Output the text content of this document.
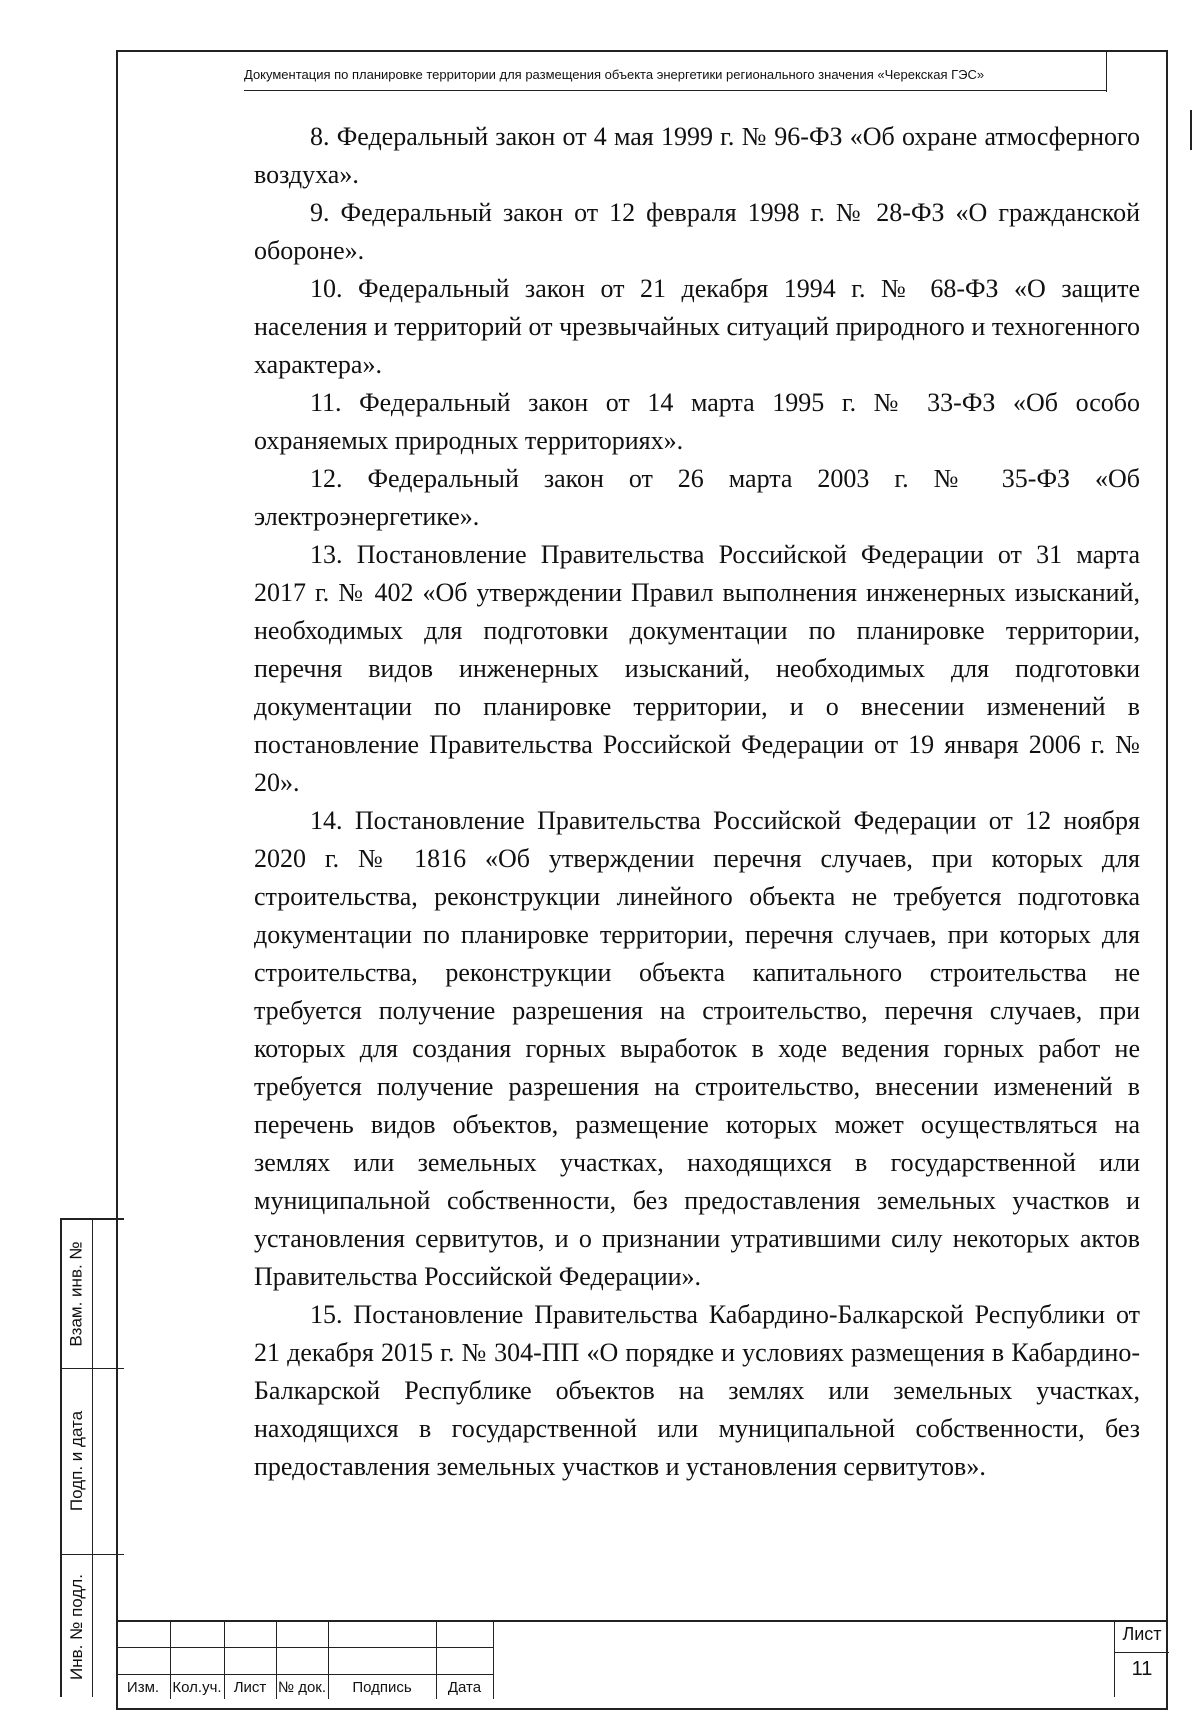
Документация по планировке территории для размещения объекта энергетики регионального значения «Черекская ГЭС»

8. Федеральный закон от 4 мая 1999 г. № 96-ФЗ «Об охране атмосферного воздуха».

9. Федеральный закон от 12 февраля 1998 г. № 28-ФЗ «О гражданской обороне».

10. Федеральный закон от 21 декабря 1994 г. № 68-ФЗ «О защите населения и территорий от чрезвычайных ситуаций природного и техногенного характера».

11. Федеральный закон от 14 марта 1995 г. № 33-ФЗ «Об особо охраняемых природных территориях».

12. Федеральный закон от 26 марта 2003 г. № 35-ФЗ «Об электроэнергетике».

13. Постановление Правительства Российской Федерации от 31 марта 2017 г. № 402 «Об утверждении Правил выполнения инженерных изысканий, необходимых для подготовки документации по планировке территории, перечня видов инженерных изысканий, необходимых для подготовки документации по планировке территории, и о внесении изменений в постановление Правительства Российской Федерации от 19 января 2006 г. № 20».

14. Постановление Правительства Российской Федерации от 12 ноября 2020 г. № 1816 «Об утверждении перечня случаев, при которых для строительства, реконструкции линейного объекта не требуется подготовка документации по планировке территории, перечня случаев, при которых для строительства, реконструкции объекта капитального строительства не требуется получение разрешения на строительство, перечня случаев, при которых для создания горных выработок в ходе ведения горных работ не требуется получение разрешения на строительство, внесении изменений в перечень видов объектов, размещение которых может осуществляться на землях или земельных участках, находящихся в государственной или муниципальной собственности, без предоставления земельных участков и установления сервитутов, и о признании утратившими силу некоторых актов Правительства Российской Федерации».

15. Постановление Правительства Кабардино-Балкарской Республики от 21 декабря 2015 г. № 304-ПП «О порядке и условиях размещения в Кабардино-Балкарской Республике объектов на землях или земельных участках, находящихся в государственной или муниципальной собственности, без предоставления земельных участков и установления сервитутов».

Взам. инв. №
Подп. и дата
Инв. № подл.
Изм. Кол.уч. Лист № док.	Подпись	Дата
Лист
11
